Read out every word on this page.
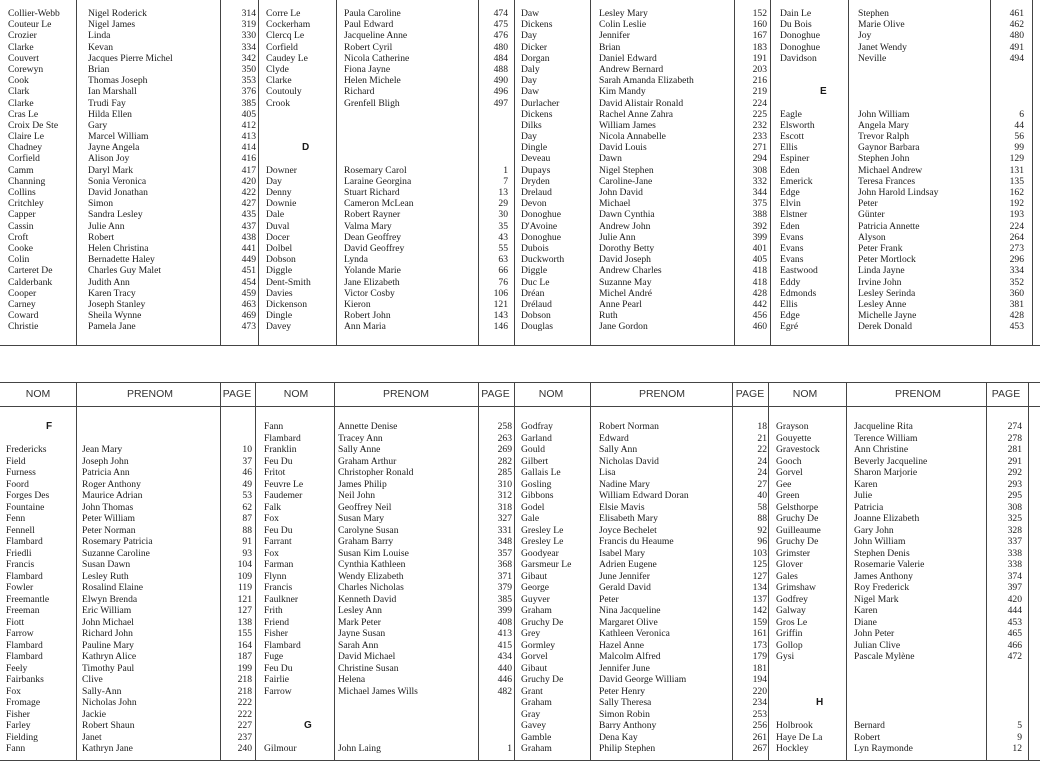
Collier-Webb	Nigel Roderick	314
Couteur Le	Nigel James	319
Crozier	Linda	330
Clarke	Kevan	334
Couvert	Jacques Pierre Michel	342
Corewyn	Brian	350
Cook	Thomas Joseph	353
Clark	Ian Marshall	376
Clarke	Trudi Fay	385
Cras Le	Hilda Ellen	405
Croix De Ste	Gary	412
Claire Le	Marcel William	413
Chadney	Jayne Angela	414
Corfield	Alison Joy	416
Camm	Daryl Mark	417
Channing	Sonia Veronica	420
Collins	David Jonathan	422
Critchley	Simon	427
Capper	Sandra Lesley	435
Cassin	Julie Ann	437
Croft	Robert	438
Cooke	Helen Christina	441
Colin	Bernadette Haley	449
Carteret De	Charles Guy Malet	451
Calderbank	Judith Ann	454
Cooper	Karen Tracy	459
Carney	Joseph Stanley	463
Coward	Sheila Wynne	469
Christie	Pamela Jane	473
Corre Le	Paula Caroline	474
Cockerham	Paul Edward	475
Clercq Le	Jacqueline Anne	476
Corfield	Robert Cyril	480
Caudey Le	Nicola Catherine	484
Clyde	Fiona Jayne	488
Clarke	Helen Michele	490
Coutouly	Richard	496
Crook	Grenfell Bligh	497
D
Downer	Rosemary Carol	1
Day	Laraine Georgina	7
Denny	Stuart Richard	13
Downie	Cameron McLean	29
Dale	Robert Rayner	30
Duval	Valma Mary	35
Docer	Dean Geoffrey	43
Dolbel	David Geoffrey	55
Dobson	Lynda	63
Diggle	Yolande Marie	66
Dent-Smith	Jane Elizabeth	76
Davies	Victor Cosby	106
Dickenson	Kieron	121
Dingle	Robert John	143
Davey	Ann Maria	146
Daw	Lesley Mary	152
Dickens	Colin Leslie	160
Day	Jennifer	167
Dicker	Brian	183
Dorgan	Daniel Edward	191
Daly	Andrew Bernard	203
Day	Sarah Amanda Elizabeth	216
Daw	Kim Mandy	219
Durlacher	David Alistair Ronald	224
Dickens	Rachel Anne Zahra	225
Dilks	William James	232
Day	Nicola Annabelle	233
Dingle	David Louis	271
Deveau	Dawn	294
Dupays	Nigel Stephen	308
Dryden	Caroline-Jane	332
Drelaud	John David	344
Devon	Michael	375
Donoghue	Dawn Cynthia	388
D'Avoine	Andrew John	392
Donoghue	Julie Ann	399
Dubois	Dorothy Betty	401
Duckworth	David Joseph	405
Diggle	Andrew Charles	418
Duc Le	Suzanne May	418
Dréan	Michel André	428
Drélaud	Anne Pearl	442
Dobson	Ruth	456
Douglas	Jane Gordon	460
Dain Le	Stephen	461
Du Bois	Marie Olive	462
Donoghue	Joy	480
Donoghue	Janet Wendy	491
Davidson	Neville	494
E
Eagle	John William	6
Elsworth	Angela Mary	44
Escott	Trevor Ralph	56
Ellis	Gaynor Barbara	99
Espiner	Stephen John	129
Eden	Michael Andrew	131
Emerick	Teresa Frances	135
Edge	John Harold Lindsay	162
Elvin	Peter	192
Elstner	Günter	193
Eden	Patricia Annette	224
Evans	Alyson	264
Evans	Peter Frank	273
Evans	Peter Mortlock	296
Eastwood	Linda Jayne	334
Eddy	Irvine John	352
Edmonds	Lesley Serinda	360
Ellis	Lesley Anne	381
Edge	Michelle Jayne	428
Egré	Derek Donald	453
NOM	PRENOM	PAGE	NOM	PRENOM	PAGE	NOM	PRENOM	PAGE	NOM	PRENOM	PAGE
F
Fredericks	Jean Mary	10
Field	Joseph John	37
Furness	Patricia Ann	46
Foord	Roger Anthony	49
Forges Des	Maurice Adrian	53
Fountaine	John Thomas	62
Fenn	Peter William	87
Fennell	Peter Norman	88
Flambard	Rosemary Patricia	91
Friedli	Suzanne Caroline	93
Francis	Susan Dawn	104
Flambard	Lesley Ruth	109
Fowler	Rosalind Elaine	119
Freemantle	Elwyn Brenda	121
Freeman	Eric William	127
Fiott	John Michael	138
Farrow	Richard John	155
Flambard	Pauline Mary	164
Flambard	Kathryn Alice	187
Feely	Timothy Paul	199
Fairbanks	Clive	218
Fox	Sally-Ann	218
Fromage	Nicholas John	222
Fisher	Jackie	222
Farley	Robert Shaun	227
Fielding	Janet	237
Fann	Kathryn Jane	240
Fann	Annette Denise	258
Flambard	Tracey Ann	263
Franklin	Sally Anne	269
Feu Du	Graham Arthur	282
Fritot	Christopher Ronald	285
Feuvre Le	James Philip	310
Faudemer	Neil John	312
Falk	Geoffrey Neil	318
Fox	Susan Mary	327
Feu Du	Carolyne Susan	331
Farrant	Graham Barry	348
Fox	Susan Kim Louise	357
Farman	Cynthia Kathleen	368
Flynn	Wendy Elizabeth	371
Francis	Charles Nicholas	379
Faulkner	Kenneth David	385
Frith	Lesley Ann	399
Friend	Mark Peter	408
Fisher	Jayne Susan	413
Flambard	Sarah Ann	415
Fuge	David Michael	434
Feu Du	Christine Susan	440
Fairlie	Helena	446
Farrow	Michael James Wills	482
G
Gilmour	John Laing	1
Godfray	Robert Norman	18
Garland	Edward	21
Gould	Sally Ann	22
Gilbert	Nicholas David	24
Gallais Le	Lisa	24
Gosling	Nadine Mary	27
Gibbons	William Edward Doran	40
Godel	Elsie Mavis	58
Gale	Elisabeth Mary	88
Gresley Le	Joyce Bechelet	92
Gresley Le	Francis du Heaume	96
Goodyear	Isabel Mary	103
Garsmeur Le	Adrien Eugene	125
Gibaut	June Jennifer	127
George	Gerald David	134
Guyver	Peter	137
Graham	Nina Jacqueline	142
Gruchy De	Margaret Olive	159
Grey	Kathleen Veronica	161
Gormley	Hazel Anne	173
Gorvel	Malcolm Alfred	179
Gibaut	Jennifer June	181
Gruchy De	David George William	194
Grant	Peter Henry	220
Graham	Sally Theresa	234
Gray	Simon Robin	253
Gavey	Barry Anthony	256
Gamble	Dena Kay	261
Graham	Philip Stephen	267
Grayson	Jacqueline Rita	274
Gouyette	Terence William	278
Gravestock	Ann Christine	281
Gooch	Beverly Jacqueline	291
Gorvel	Sharon Marjorie	292
Gee	Karen	293
Green	Julie	295
Gelsthorpe	Patricia	308
Gruchy De	Joanne Elizabeth	325
Guilleaume	Gary John	328
Gruchy De	John William	337
Grimster	Stephen Denis	338
Glover	Rosemarie Valerie	338
Gales	James Anthony	374
Grimshaw	Roy Frederick	397
Godfrey	Nigel Mark	420
Galway	Karen	444
Gros Le	Diane	453
Griffin	John Peter	465
Gollop	Julian Clive	466
Gysi	Pascale Mylène	472
H
Holbrook	Bernard	5
Haye De La	Robert	9
Hockley	Lyn Raymonde	12
